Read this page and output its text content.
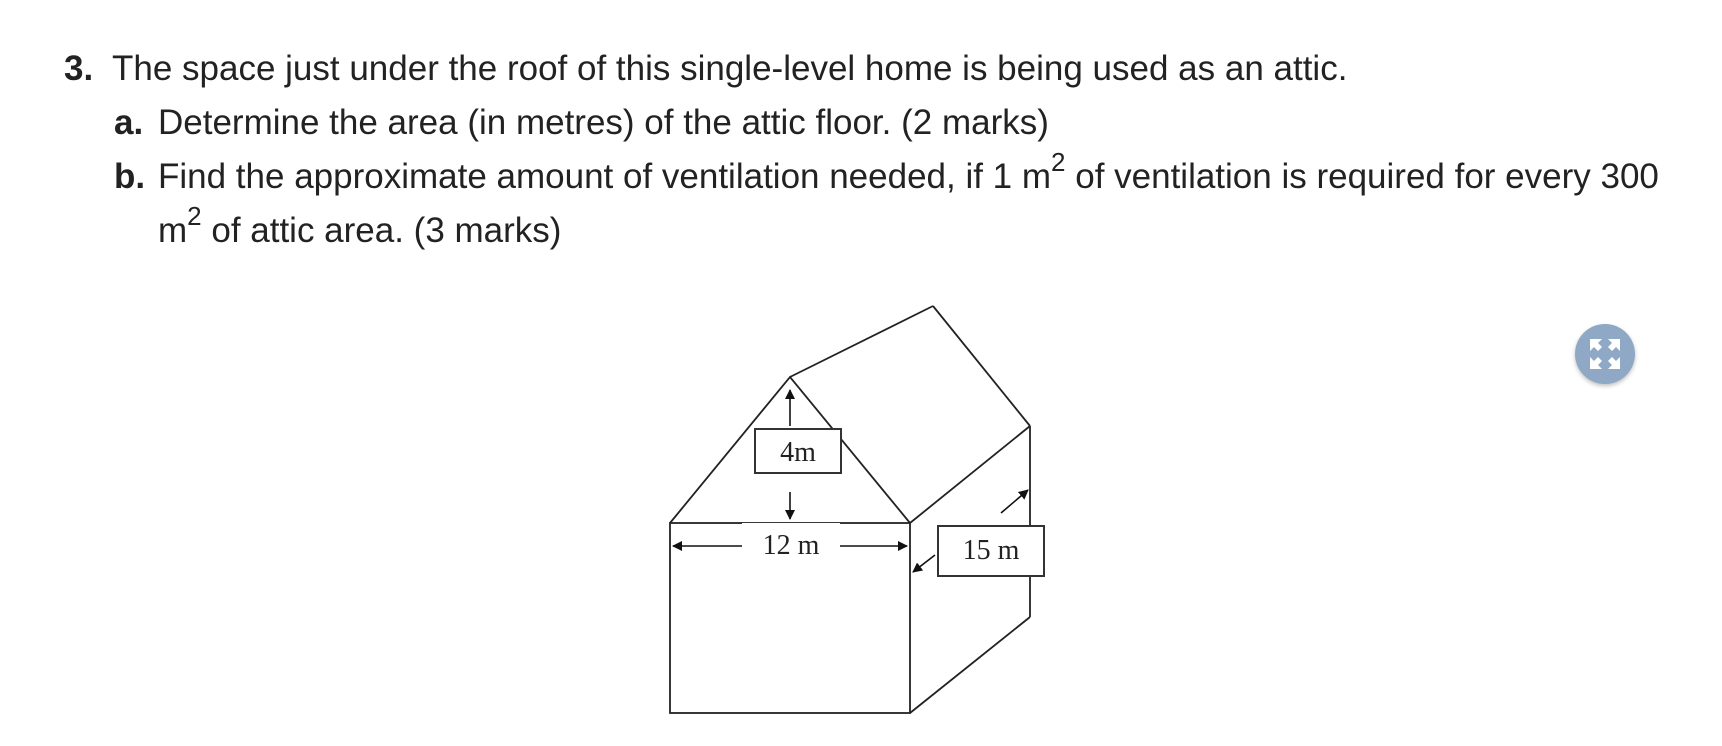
3. The space just under the roof of this single-level home is being used as an attic.
a. Determine the area (in metres) of the attic floor. (2 marks)
b. Find the approximate amount of ventilation needed, if 1 $m^2$ of ventilation is required for every 300 $m^2$ of attic area. (3 marks)
4m
12 m	15 m
